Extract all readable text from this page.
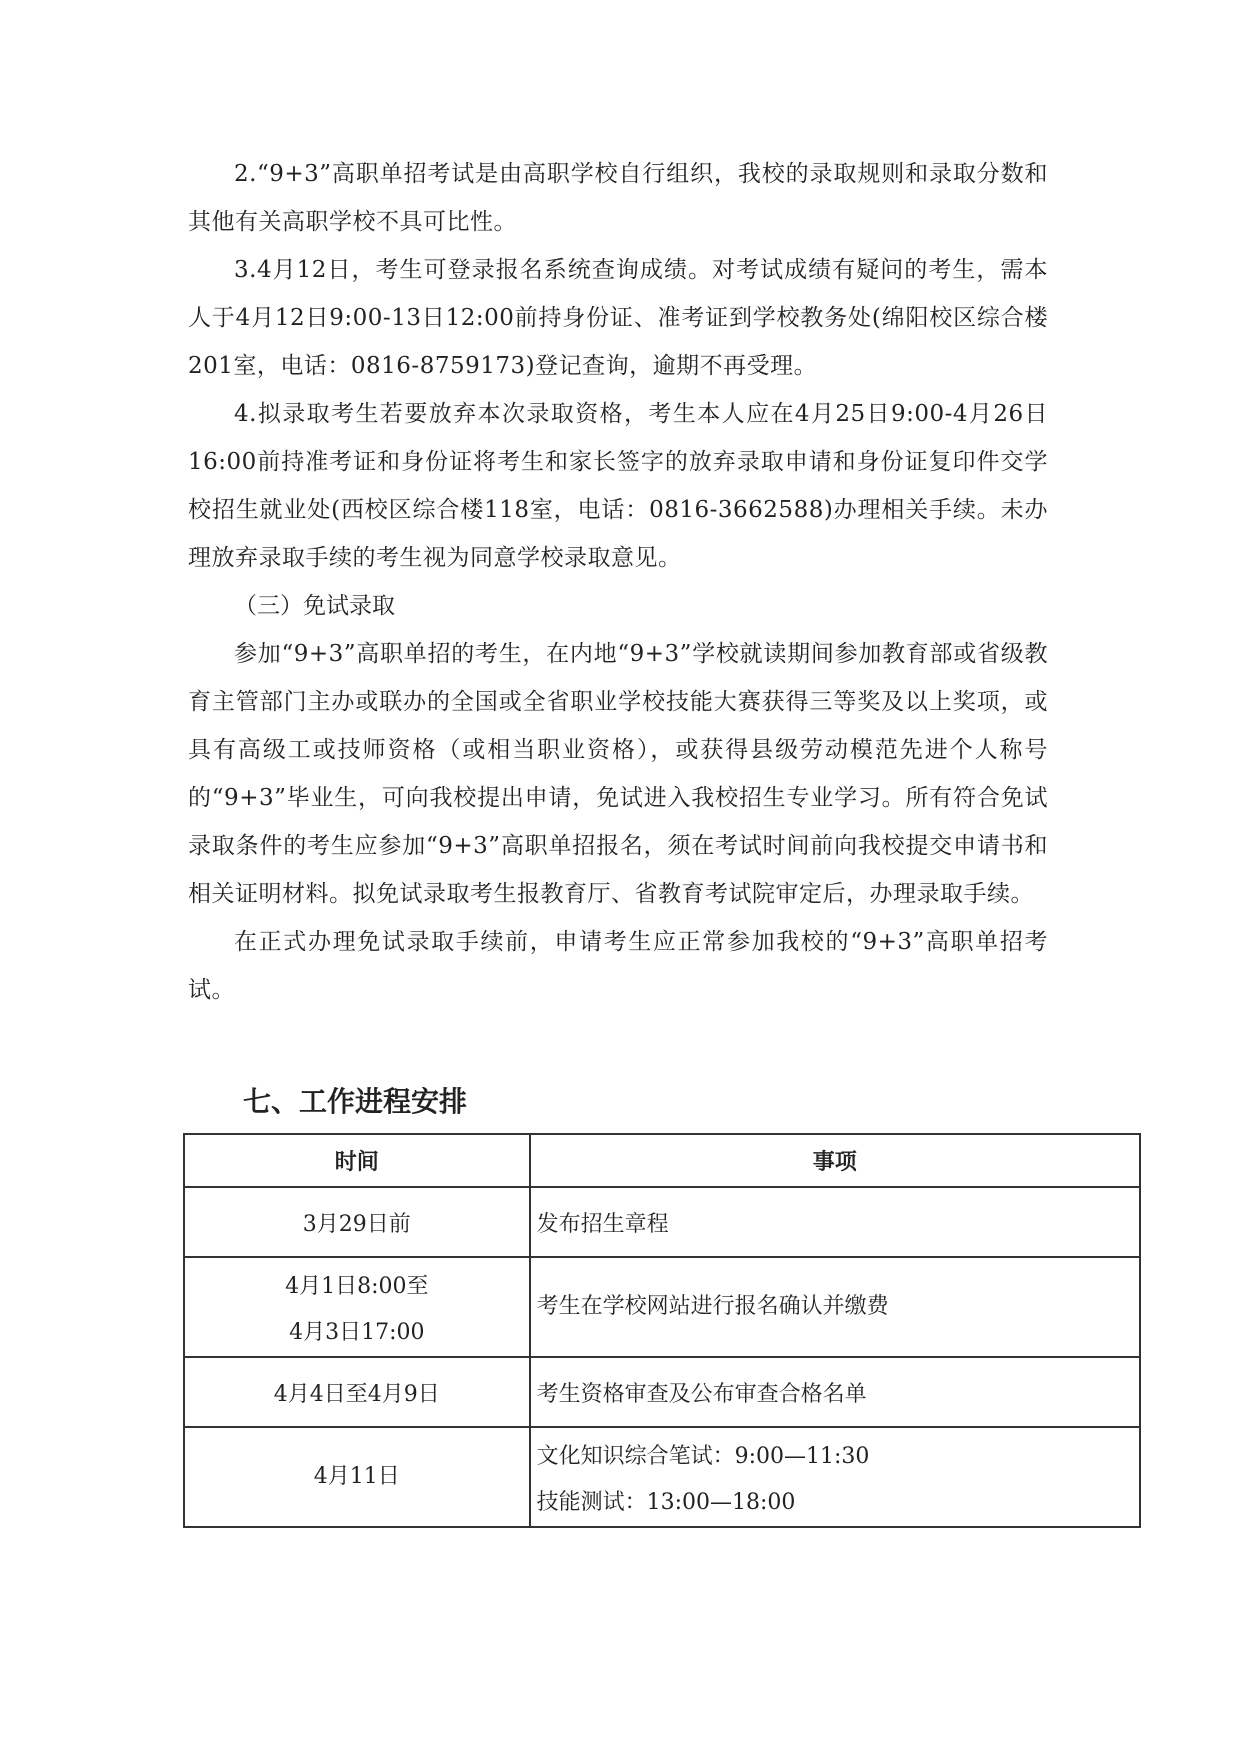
2.“9+3”高职单招考试是由高职学校自行组织，我校的录取规则和录取分数和其他有关高职学校不具可比性。

3.4月12日，考生可登录报名系统查询成绩。对考试成绩有疑问的考生，需本人于4月12日9:00-13日12:00前持身份证、准考证到学校教务处(绵阳校区综合楼201室，电话：0816-8759173)登记查询，逾期不再受理。

4.拟录取考生若要放弃本次录取资格，考生本人应在4月25日9:00-4月26日16:00前持准考证和身份证将考生和家长签字的放弃录取申请和身份证复印件交学校招生就业处(西校区综合楼118室，电话：0816-3662588)办理相关手续。未办理放弃录取手续的考生视为同意学校录取意见。

（三）免试录取

参加“9+3”高职单招的考生，在内地“9+3”学校就读期间参加教育部或省级教育主管部门主办或联办的全国或全省职业学校技能大赛获得三等奖及以上奖项，或具有高级工或技师资格（或相当职业资格），或获得县级劳动模范先进个人称号的“9+3”毕业生，可向我校提出申请，免试进入我校招生专业学习。所有符合免试录取条件的考生应参加“9+3”高职单招报名，须在考试时间前向我校提交申请书和相关证明材料。拟免试录取考生报教育厅、省教育考试院审定后，办理录取手续。

在正式办理免试录取手续前，申请考生应正常参加我校的“9+3”高职单招考试。

七、工作进程安排
时间	事项

3月29日前	发布招生章程

4月1日8:00至
4月3日17:00	考生在学校网站进行报名确认并缴费

4月4日至4月9日	考生资格审查及公布审查合格名单

4月11日	文化知识综合笔试：9:00—11:30
技能测试：13:00—18:00
